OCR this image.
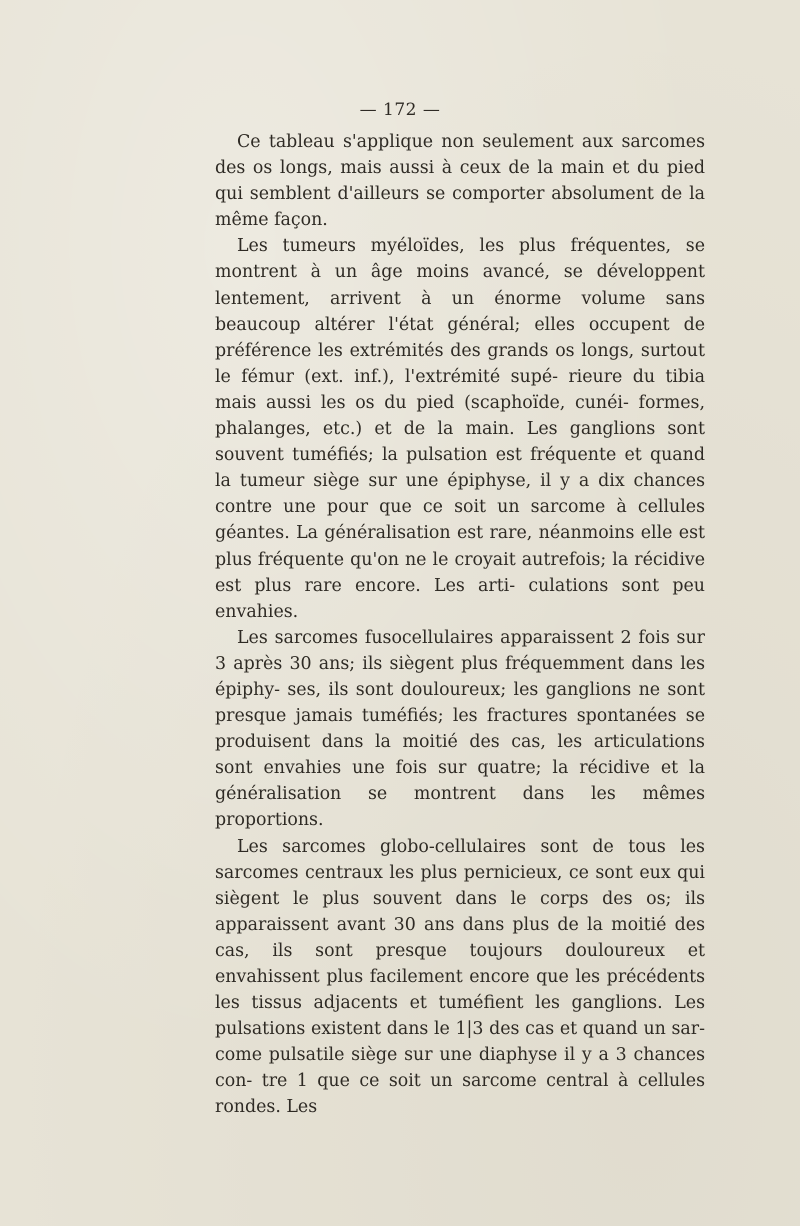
— 172 —

Ce tableau s'applique non seulement aux sarcomes des os longs, mais aussi à ceux de la main et du pied qui semblent d'ailleurs se comporter absolument de la même façon.

Les tumeurs myéloïdes, les plus fréquentes, se montrent à un âge moins avancé, se développent lentement, arrivent à un énorme volume sans beaucoup altérer l'état général; elles occupent de préférence les extrémités des grands os longs, surtout le fémur (ext. inf.), l'extrémité supé- rieure du tibia mais aussi les os du pied (scaphoïde, cunéi- formes, phalanges, etc.) et de la main. Les ganglions sont souvent tuméfiés; la pulsation est fréquente et quand la tumeur siège sur une épiphyse, il y a dix chances contre une pour que ce soit un sarcome à cellules géantes. La généralisation est rare, néanmoins elle est plus fréquente qu'on ne le croyait autrefois; la récidive est plus rare encore. Les arti- culations sont peu envahies.

Les sarcomes fusocellulaires apparaissent 2 fois sur 3 après 30 ans; ils siègent plus fréquemment dans les épiphy- ses, ils sont douloureux; les ganglions ne sont presque jamais tuméfiés; les fractures spontanées se produisent dans la moitié des cas, les articulations sont envahies une fois sur quatre; la récidive et la généralisation se montrent dans les mêmes proportions.

Les sarcomes globo-cellulaires sont de tous les sarcomes centraux les plus pernicieux, ce sont eux qui siègent le plus souvent dans le corps des os; ils apparaissent avant 30 ans dans plus de la moitié des cas, ils sont presque toujours douloureux et envahissent plus facilement encore que les précédents les tissus adjacents et tuméfient les ganglions. Les pulsations existent dans le 1|3 des cas et quand un sar- come pulsatile siège sur une diaphyse il y a 3 chances con- tre 1 que ce soit un sarcome central à cellules rondes. Les
